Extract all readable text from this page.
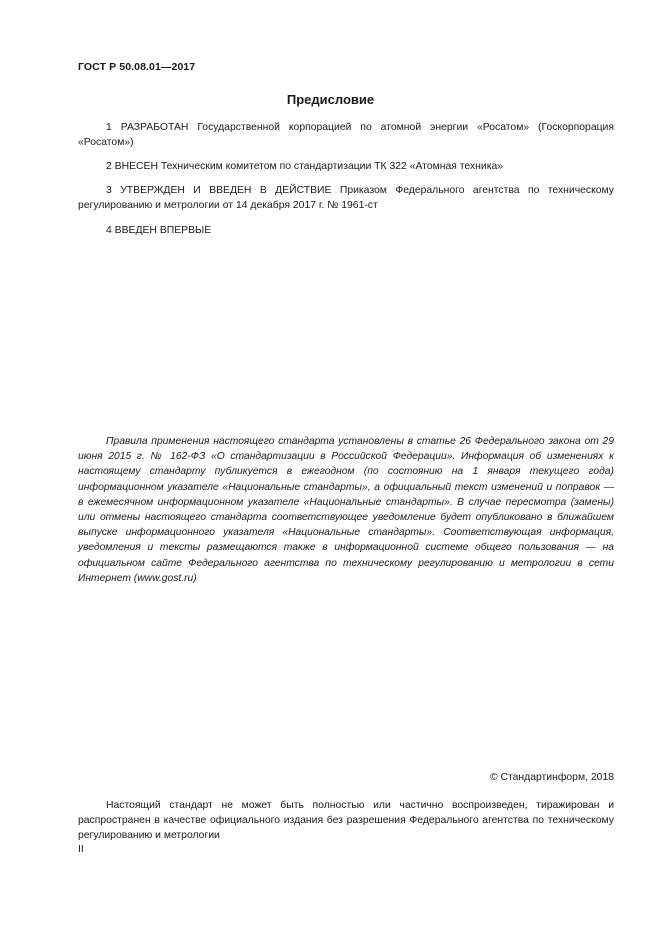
ГОСТ Р 50.08.01—2017
Предисловие
1 РАЗРАБОТАН Государственной корпорацией по атомной энергии «Росатом» (Госкорпорация «Росатом»)
2 ВНЕСЕН Техническим комитетом по стандартизации ТК 322 «Атомная техника»
3 УТВЕРЖДЕН И ВВЕДЕН В ДЕЙСТВИЕ Приказом Федерального агентства по техническому регулированию и метрологии от 14 декабря 2017 г. № 1961-ст
4 ВВЕДЕН ВПЕРВЫЕ
Правила применения настоящего стандарта установлены в статье 26 Федерального закона от 29 июня 2015 г. № 162-ФЗ «О стандартизации в Российской Федерации». Информация об изменениях к настоящему стандарту публикуется в ежегодном (по состоянию на 1 января текущего года) информационном указателе «Национальные стандарты», а официальный текст изменений и поправок — в ежемесячном информационном указателе «Национальные стандарты». В случае пересмотра (замены) или отмены настоящего стандарта соответствующее уведомление будет опубликовано в ближайшем выпуске информационного указателя «Национальные стандарты». Соответствующая информация, уведомления и тексты размещаются также в информационной системе общего пользования — на официальном сайте Федерального агентства по техническому регулированию и метрологии в сети Интернет (www.gost.ru)
© Стандартинформ, 2018
Настоящий стандарт не может быть полностью или частично воспроизведен, тиражирован и распространен в качестве официального издания без разрешения Федерального агентства по техническому регулированию и метрологии
II
